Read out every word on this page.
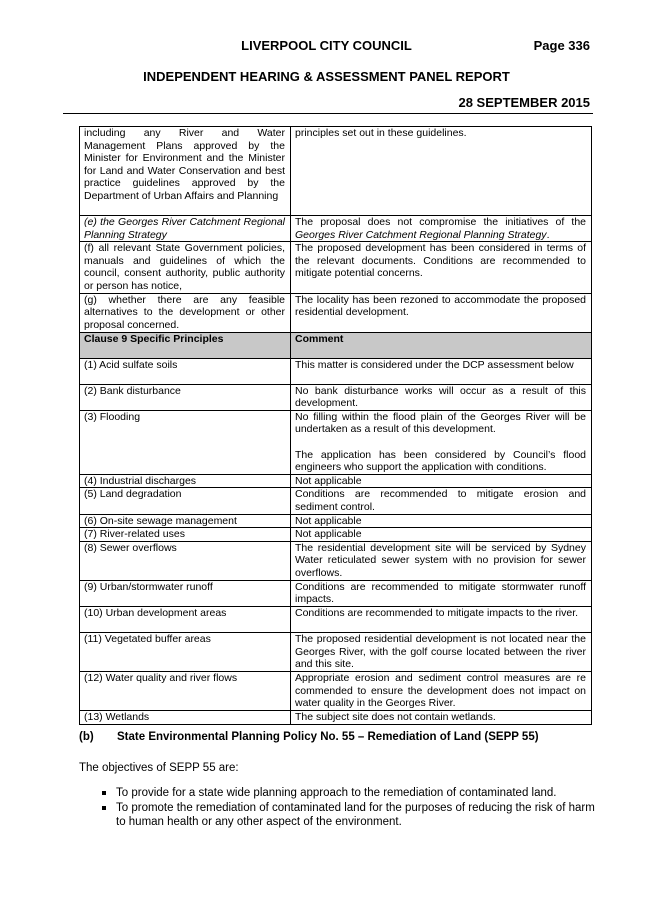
LIVERPOOL CITY COUNCIL	Page 336
INDEPENDENT HEARING & ASSESSMENT PANEL REPORT
28 SEPTEMBER 2015
including any River and Water Management Plans approved by the Minister for Environment and the Minister for Land and Water Conservation and best practice guidelines approved by the Department of Urban Affairs and Planning	principles set out in these guidelines.
(e) the Georges River Catchment Regional Planning Strategy	The proposal does not compromise the initiatives of the Georges River Catchment Regional Planning Strategy.
(f) all relevant State Government policies, manuals and guidelines of which the council, consent authority, public authority or person has notice,	The proposed development has been considered in terms of the relevant documents. Conditions are recommended to mitigate potential concerns.
(g) whether there are any feasible alternatives to the development or other proposal concerned.	The locality has been rezoned to accommodate the proposed residential development.
Clause 9 Specific Principles	Comment
(1) Acid sulfate soils	This matter is considered under the DCP assessment below
(2) Bank disturbance	No bank disturbance works will occur as a result of this development.
(3) Flooding	No filling within the flood plain of the Georges River will be undertaken as a result of this development.

The application has been considered by Council’s flood engineers who support the application with conditions.
(4) Industrial discharges	Not applicable
(5) Land degradation	Conditions are recommended to mitigate erosion and sediment control.
(6) On-site sewage management	Not applicable
(7) River-related uses	Not applicable
(8) Sewer overflows	The residential development site will be serviced by Sydney Water reticulated sewer system with no provision for sewer overflows.
(9) Urban/stormwater runoff	Conditions are recommended to mitigate stormwater runoff impacts.
(10) Urban development areas	Conditions are recommended to mitigate impacts to the river.
(11) Vegetated buffer areas	The proposed residential development is not located near the Georges River, with the golf course located between the river and this site.
(12) Water quality and river flows	Appropriate erosion and sediment control measures are re commended to ensure the development does not impact on water quality in the Georges River.
(13) Wetlands	The subject site does not contain wetlands.
(b) State Environmental Planning Policy No. 55 – Remediation of Land (SEPP 55)
The objectives of SEPP 55 are:
To provide for a state wide planning approach to the remediation of contaminated land.
To promote the remediation of contaminated land for the purposes of reducing the risk of harm to human health or any other aspect of the environment.
